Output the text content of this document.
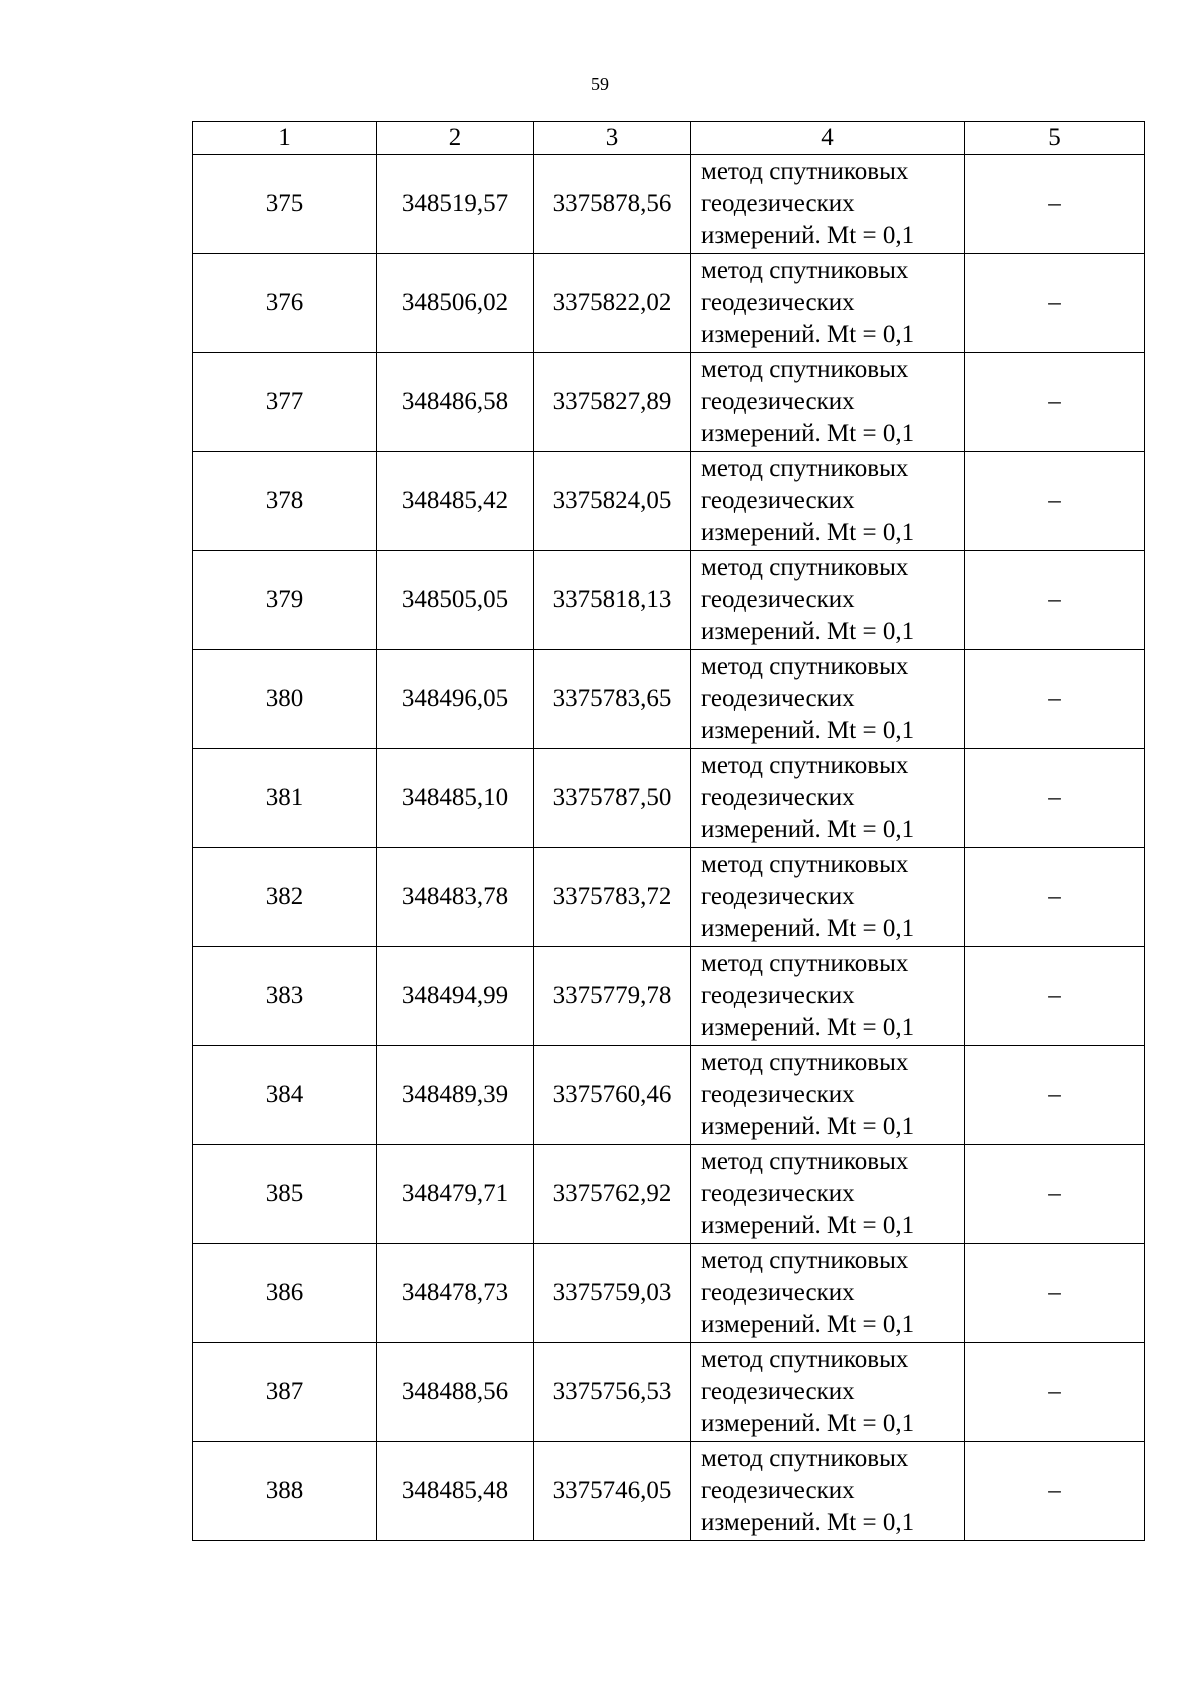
59
1	2	3	4	5
375	348519,57	3375878,56	метод спутниковых
геодезических
измерений. Mt = 0,1	–
376	348506,02	3375822,02	метод спутниковых
геодезических
измерений. Mt = 0,1	–
377	348486,58	3375827,89	метод спутниковых
геодезических
измерений. Mt = 0,1	–
378	348485,42	3375824,05	метод спутниковых
геодезических
измерений. Mt = 0,1	–
379	348505,05	3375818,13	метод спутниковых
геодезических
измерений. Mt = 0,1	–
380	348496,05	3375783,65	метод спутниковых
геодезических
измерений. Mt = 0,1	–
381	348485,10	3375787,50	метод спутниковых
геодезических
измерений. Mt = 0,1	–
382	348483,78	3375783,72	метод спутниковых
геодезических
измерений. Mt = 0,1	–
383	348494,99	3375779,78	метод спутниковых
геодезических
измерений. Mt = 0,1	–
384	348489,39	3375760,46	метод спутниковых
геодезических
измерений. Mt = 0,1	–
385	348479,71	3375762,92	метод спутниковых
геодезических
измерений. Mt = 0,1	–
386	348478,73	3375759,03	метод спутниковых
геодезических
измерений. Mt = 0,1	–
387	348488,56	3375756,53	метод спутниковых
геодезических
измерений. Mt = 0,1	–
388	348485,48	3375746,05	метод спутниковых
геодезических
измерений. Mt = 0,1	–
